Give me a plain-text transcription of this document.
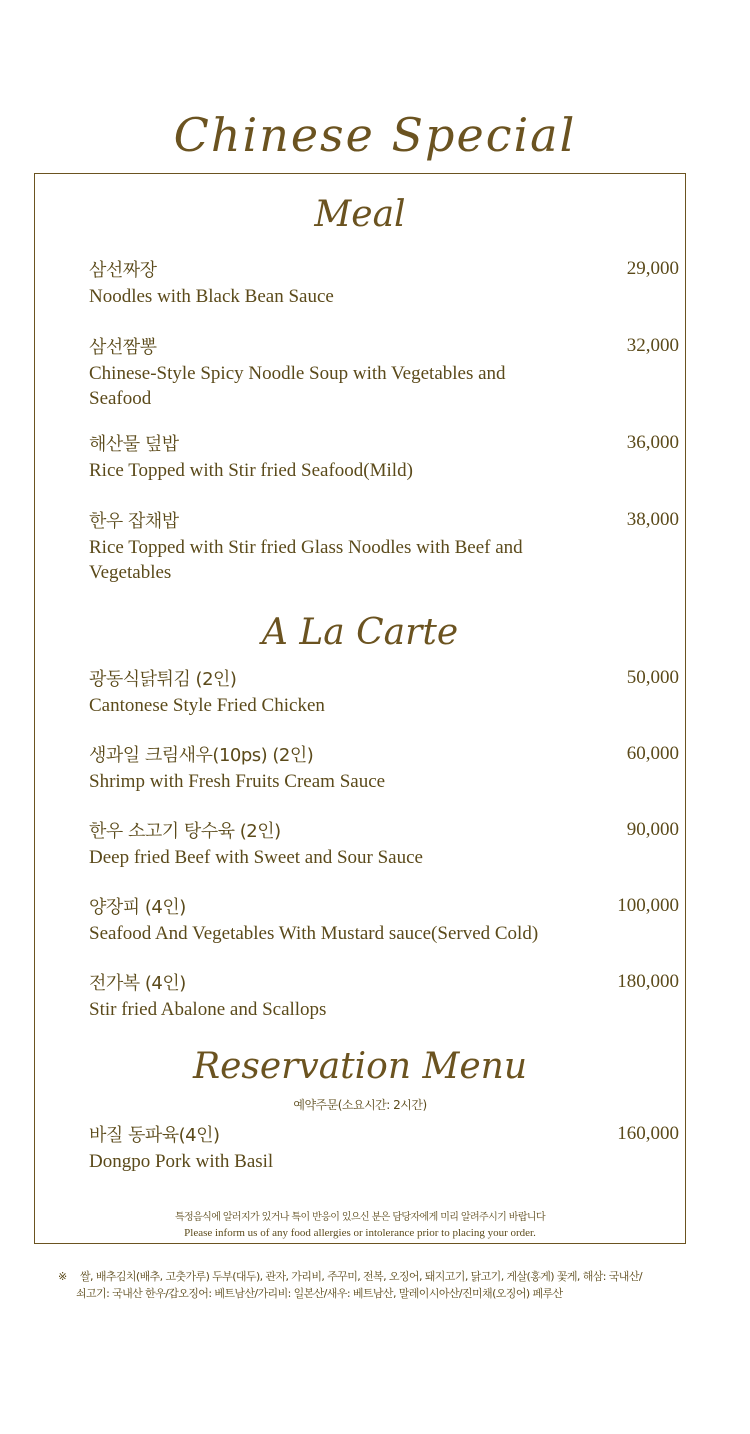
Chinese Special
Meal
삼선짜장
Noodles with Black Bean Sauce
29,000
삼선짬뽕
Chinese-Style Spicy Noodle Soup with Vegetables and Seafood
32,000
해산물 덮밥
Rice Topped with Stir fried Seafood(Mild)
36,000
한우 잡채밥
Rice Topped with Stir fried Glass Noodles with Beef and Vegetables
38,000
A La Carte
광동식닭튀김 (2인)
Cantonese Style Fried Chicken
50,000
생과일 크림새우(10ps) (2인)
Shrimp with Fresh Fruits Cream Sauce
60,000
한우 소고기 탕수육 (2인)
Deep fried Beef with Sweet and Sour Sauce
90,000
양장피 (4인)
Seafood And Vegetables With Mustard sauce(Served Cold)
100,000
전가복 (4인)
Stir fried Abalone and Scallops
180,000
Reservation Menu
예약주문(소요시간: 2시간)
바질 동파육(4인)
Dongpo Pork with Basil
160,000
특정음식에 알러지가 있거나 특이 반응이 있으신 분은 담당자에게 미리 알려주시기 바랍니다
Please inform us of any food allergies or intolerance prior to placing your order.
※ 쌀, 배추김치(배추, 고춧가루) 두부(대두), 관자, 가리비, 주꾸미, 전복, 오징어, 돼지고기, 닭고기, 게살(홍게) 꽃게, 해삼: 국내산/
쇠고기: 국내산 한우/갑오징어: 베트남산/가리비: 일본산/새우: 베트남산, 말레이시아산/진미채(오징어) 페루산
